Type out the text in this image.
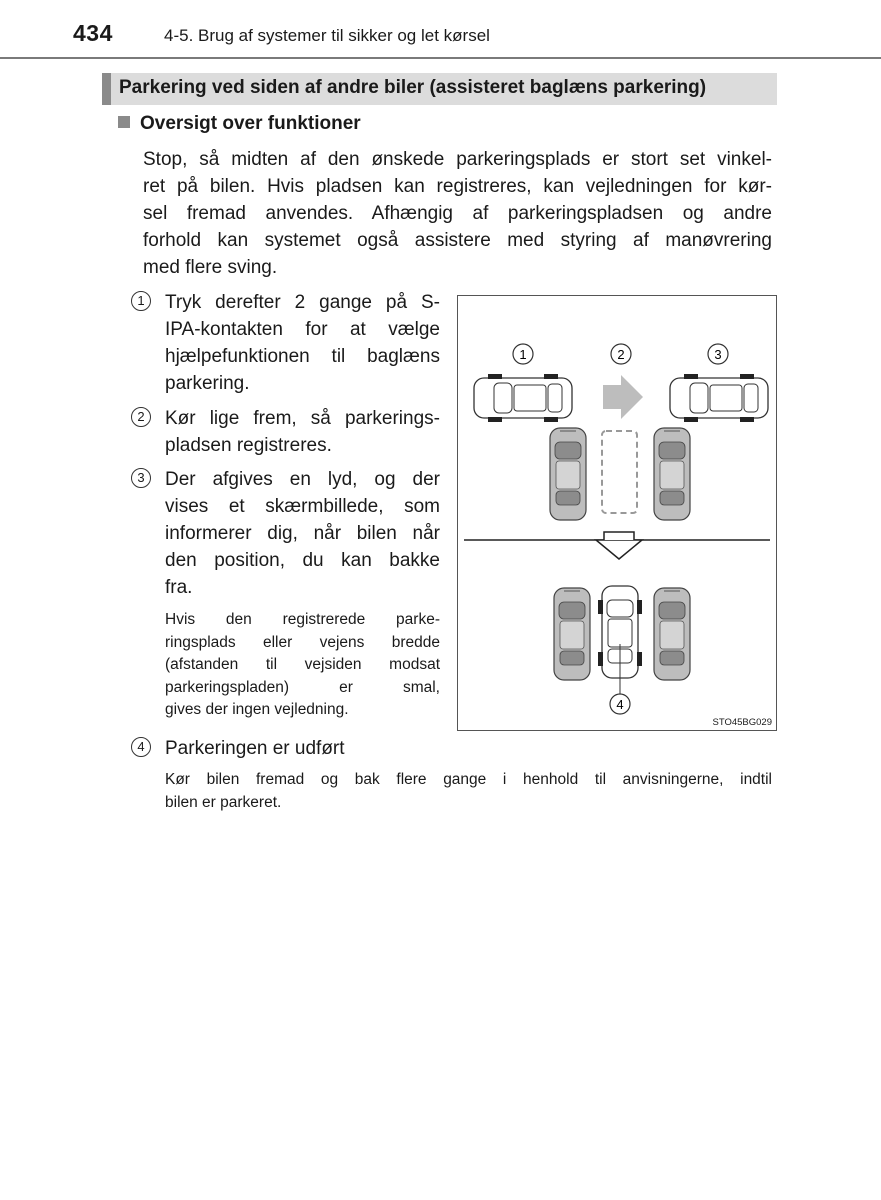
434	4-5. Brug af systemer til sikker og let kørsel
Parkering ved siden af andre biler (assisteret baglæns parkering)
Oversigt over funktioner
Stop, så midten af den ønskede parkeringsplads er stort set vinkel-
ret på bilen. Hvis pladsen kan registreres, kan vejledningen for kør-
sel fremad anvendes. Afhængig af parkeringspladsen og andre
forhold kan systemet også assistere med styring af manøvrering
med flere sving.
1	Tryk derefter 2 gange på S-
IPA-kontakten for at vælge
hjælpefunktionen til baglæns
parkering.
2	Kør lige frem, så parkerings-
pladsen registreres.
3	Der afgives en lyd, og der
vises et skærmbillede, som
informerer dig, når bilen når
den position, du kan bakke
fra.
Hvis den registrerede parke-
ringsplads eller vejens bredde
(afstanden til vejsiden modsat
parkeringspladen) er smal,
gives der ingen vejledning.
4	Parkeringen er udført
Kør bilen fremad og bak flere gange i henhold til anvisningerne, indtil
bilen er parkeret.
1	2	3
4
STO45BG029
